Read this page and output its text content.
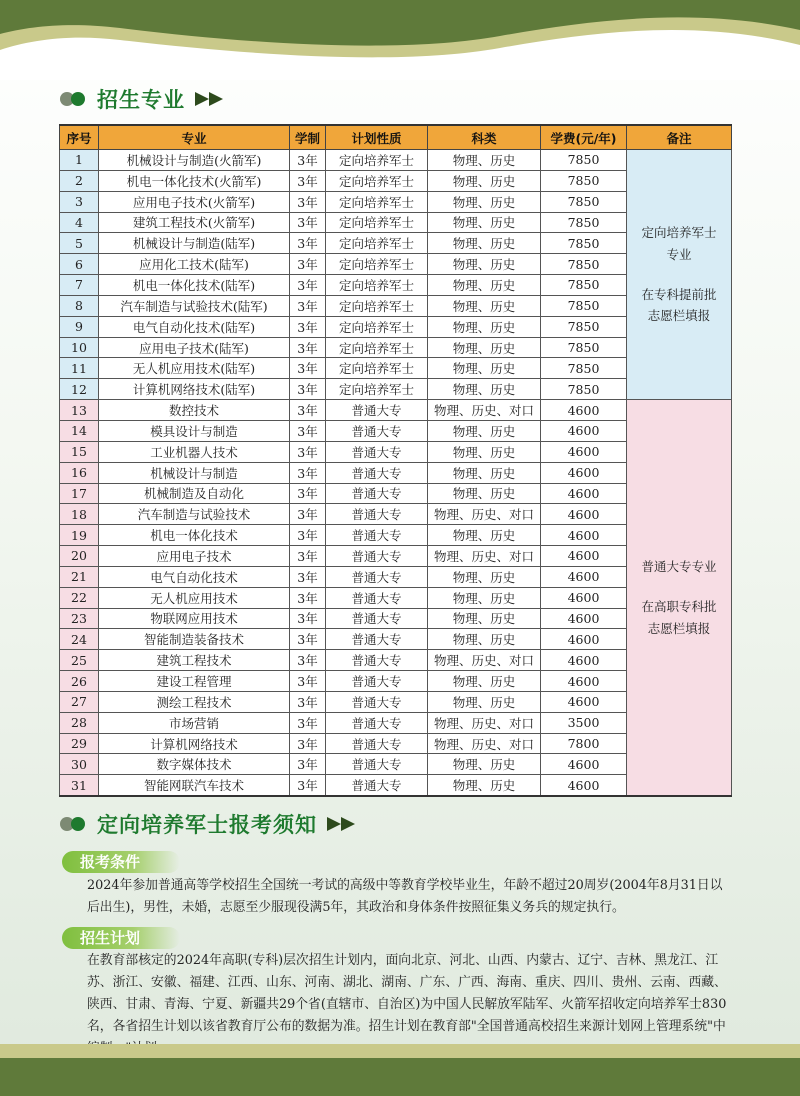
招生专业
序号	专业	学制	计划性质	科类	学费(元/年)	备注
1	机械设计与制造(火箭军)	3年	定向培养军士	物理、历史	7850	定向培养军士
专业
在专科提前批
志愿栏填报
2	机电一体化技术(火箭军)	3年	定向培养军士	物理、历史	7850	
3	应用电子技术(火箭军)	3年	定向培养军士	物理、历史	7850	
4	建筑工程技术(火箭军)	3年	定向培养军士	物理、历史	7850	
5	机械设计与制造(陆军)	3年	定向培养军士	物理、历史	7850	
6	应用化工技术(陆军)	3年	定向培养军士	物理、历史	7850	
7	机电一体化技术(陆军)	3年	定向培养军士	物理、历史	7850	
8	汽车制造与试验技术(陆军)	3年	定向培养军士	物理、历史	7850	
9	电气自动化技术(陆军)	3年	定向培养军士	物理、历史	7850	
10	应用电子技术(陆军)	3年	定向培养军士	物理、历史	7850	
11	无人机应用技术(陆军)	3年	定向培养军士	物理、历史	7850	
12	计算机网络技术(陆军)	3年	定向培养军士	物理、历史	7850	
13	数控技术	3年	普通大专	物理、历史、对口	4600	普通大专专业
在高职专科批
志愿栏填报
14	模具设计与制造	3年	普通大专	物理、历史	4600	
15	工业机器人技术	3年	普通大专	物理、历史	4600	
16	机械设计与制造	3年	普通大专	物理、历史	4600	
17	机械制造及自动化	3年	普通大专	物理、历史	4600	
18	汽车制造与试验技术	3年	普通大专	物理、历史、对口	4600	
19	机电一体化技术	3年	普通大专	物理、历史	4600	
20	应用电子技术	3年	普通大专	物理、历史、对口	4600	
21	电气自动化技术	3年	普通大专	物理、历史	4600	
22	无人机应用技术	3年	普通大专	物理、历史	4600	
23	物联网应用技术	3年	普通大专	物理、历史	4600	
24	智能制造装备技术	3年	普通大专	物理、历史	4600	
25	建筑工程技术	3年	普通大专	物理、历史、对口	4600	
26	建设工程管理	3年	普通大专	物理、历史	4600	
27	测绘工程技术	3年	普通大专	物理、历史	4600	
28	市场营销	3年	普通大专	物理、历史、对口	3500	
29	计算机网络技术	3年	普通大专	物理、历史、对口	7800	
30	数字媒体技术	3年	普通大专	物理、历史	4600	
31	智能网联汽车技术	3年	普通大专	物理、历史	4600	
定向培养军士报考须知
报考条件
2024年参加普通高等学校招生全国统一考试的高级中等教育学校毕业生，年龄不超过20周岁(2004年8月31日以后出生)，男性，未婚，志愿至少服现役满5年，其政治和身体条件按照征集义务兵的规定执行。
招生计划
在教育部核定的2024年高职(专科)层次招生计划内，面向北京、河北、山西、内蒙古、辽宁、吉林、黑龙江、江苏、浙江、安徽、福建、江西、山东、河南、湖北、湖南、广东、广西、海南、重庆、四川、贵州、云南、西藏、陕西、甘肃、青海、宁夏、新疆共29个省(直辖市、自治区)为中国人民解放军陆军、火箭军招收定向培养军士830名，各省招生计划以该省教育厅公布的数据为准。招生计划在教育部"全国普通高校招生来源计划网上管理系统"中
